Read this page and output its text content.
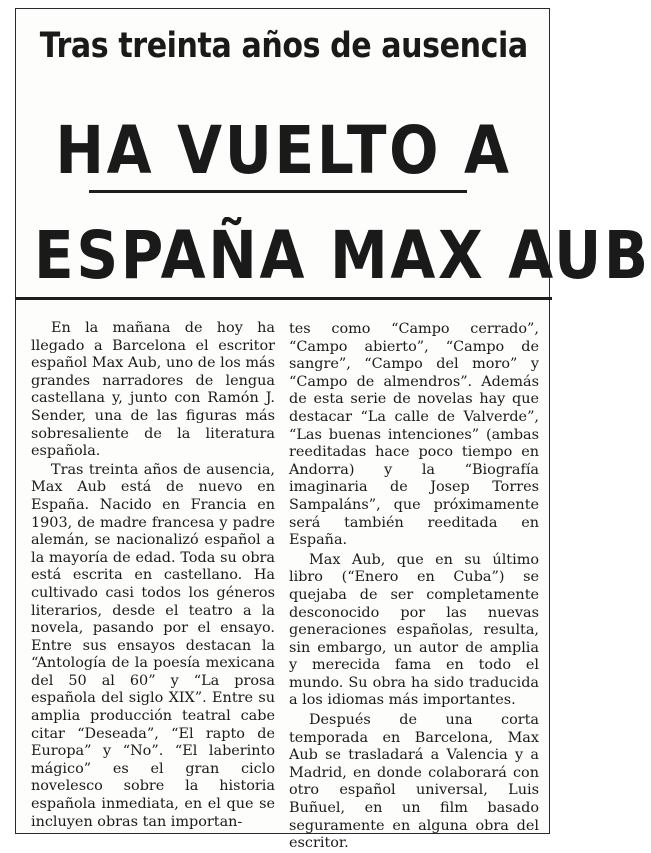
Tras treinta años de ausencia
HA VUELTO A
ESPAÑA MAX AUB

En la mañana de hoy ha llegado a Barcelona el escritor español Max Aub, uno de los más grandes narradores de lengua castellana y, junto con Ramón J. Sender, una de las figuras más sobresaliente de la literatura española.

Tras treinta años de ausencia, Max Aub está de nuevo en España. Nacido en Francia en 1903, de madre francesa y padre alemán, se nacionalizó español a la mayoría de edad. Toda su obra está escrita en castellano. Ha cultivado casi todos los géneros literarios, desde el teatro a la novela, pasando por el ensayo. Entre sus ensayos destacan la “Antología de la poesía mexicana del 50 al 60” y “La prosa española del siglo XIX”. Entre su amplia producción teatral cabe citar “Deseada”, “El rapto de Europa” y “No”. “El laberinto mágico” es el gran ciclo novelesco sobre la historia española inmediata, en el que se incluyen obras tan importan-

tes como “Campo cerrado”, “Campo abierto”, “Campo de sangre”, “Campo del moro” y “Campo de almendros”. Además de esta serie de novelas hay que destacar “La calle de Valverde”, “Las buenas intenciones” (ambas reeditadas hace poco tiempo en Andorra) y la “Biografía imaginaria de Josep Torres Sampaláns”, que próximamente será también reeditada en España.

Max Aub, que en su último libro (“Enero en Cuba”) se quejaba de ser completamente desconocido por las nuevas generaciones españolas, resulta, sin embargo, un autor de amplia y merecida fama en todo el mundo. Su obra ha sido traducida a los idiomas más importantes.

Después de una corta temporada en Barcelona, Max Aub se trasladará a Valencia y a Madrid, en donde colaborará con otro español universal, Luis Buñuel, en un film basado seguramente en alguna obra del escritor.
